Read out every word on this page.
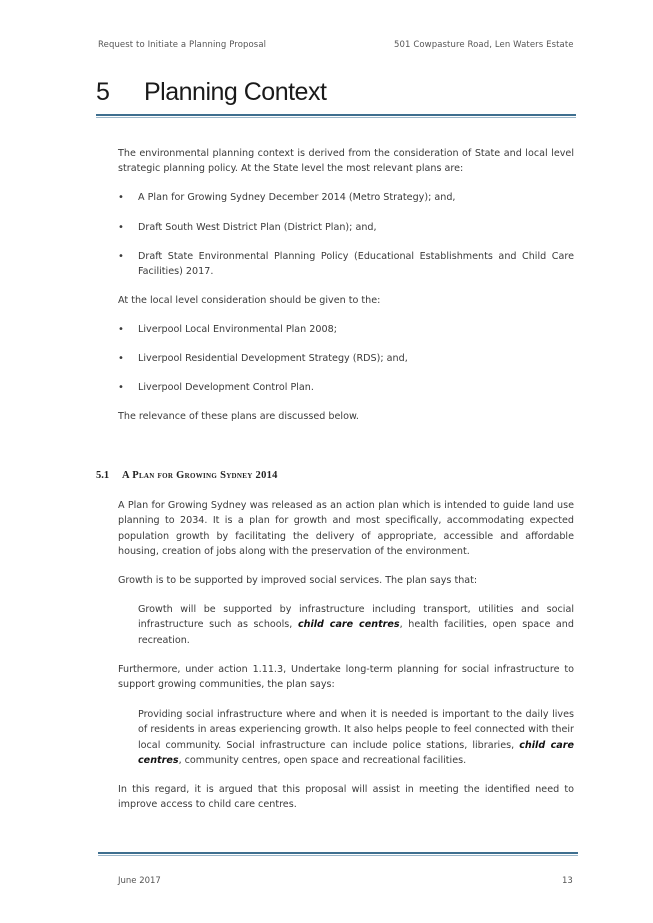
Request to Initiate a Planning Proposal	501 Cowpasture Road, Len Waters Estate
5 Planning Context
The environmental planning context is derived from the consideration of State and local level strategic planning policy. At the State level the most relevant plans are:
• A Plan for Growing Sydney December 2014 (Metro Strategy); and,
• Draft South West District Plan (District Plan); and,
• Draft State Environmental Planning Policy (Educational Establishments and Child Care Facilities) 2017.
At the local level consideration should be given to the:
• Liverpool Local Environmental Plan 2008;
• Liverpool Residential Development Strategy (RDS); and,
• Liverpool Development Control Plan.
The relevance of these plans are discussed below.
5.1 A Plan for Growing Sydney 2014
A Plan for Growing Sydney was released as an action plan which is intended to guide land use planning to 2034. It is a plan for growth and most specifically, accommodating expected population growth by facilitating the delivery of appropriate, accessible and affordable housing, creation of jobs along with the preservation of the environment.
Growth is to be supported by improved social services. The plan says that:
Growth will be supported by infrastructure including transport, utilities and social infrastructure such as schools, child care centres, health facilities, open space and recreation.
Furthermore, under action 1.11.3, Undertake long-term planning for social infrastructure to support growing communities, the plan says:
Providing social infrastructure where and when it is needed is important to the daily lives of residents in areas experiencing growth. It also helps people to feel connected with their local community. Social infrastructure can include police stations, libraries, child care centres, community centres, open space and recreational facilities.
In this regard, it is argued that this proposal will assist in meeting the identified need to improve access to child care centres.
June 2017	13
